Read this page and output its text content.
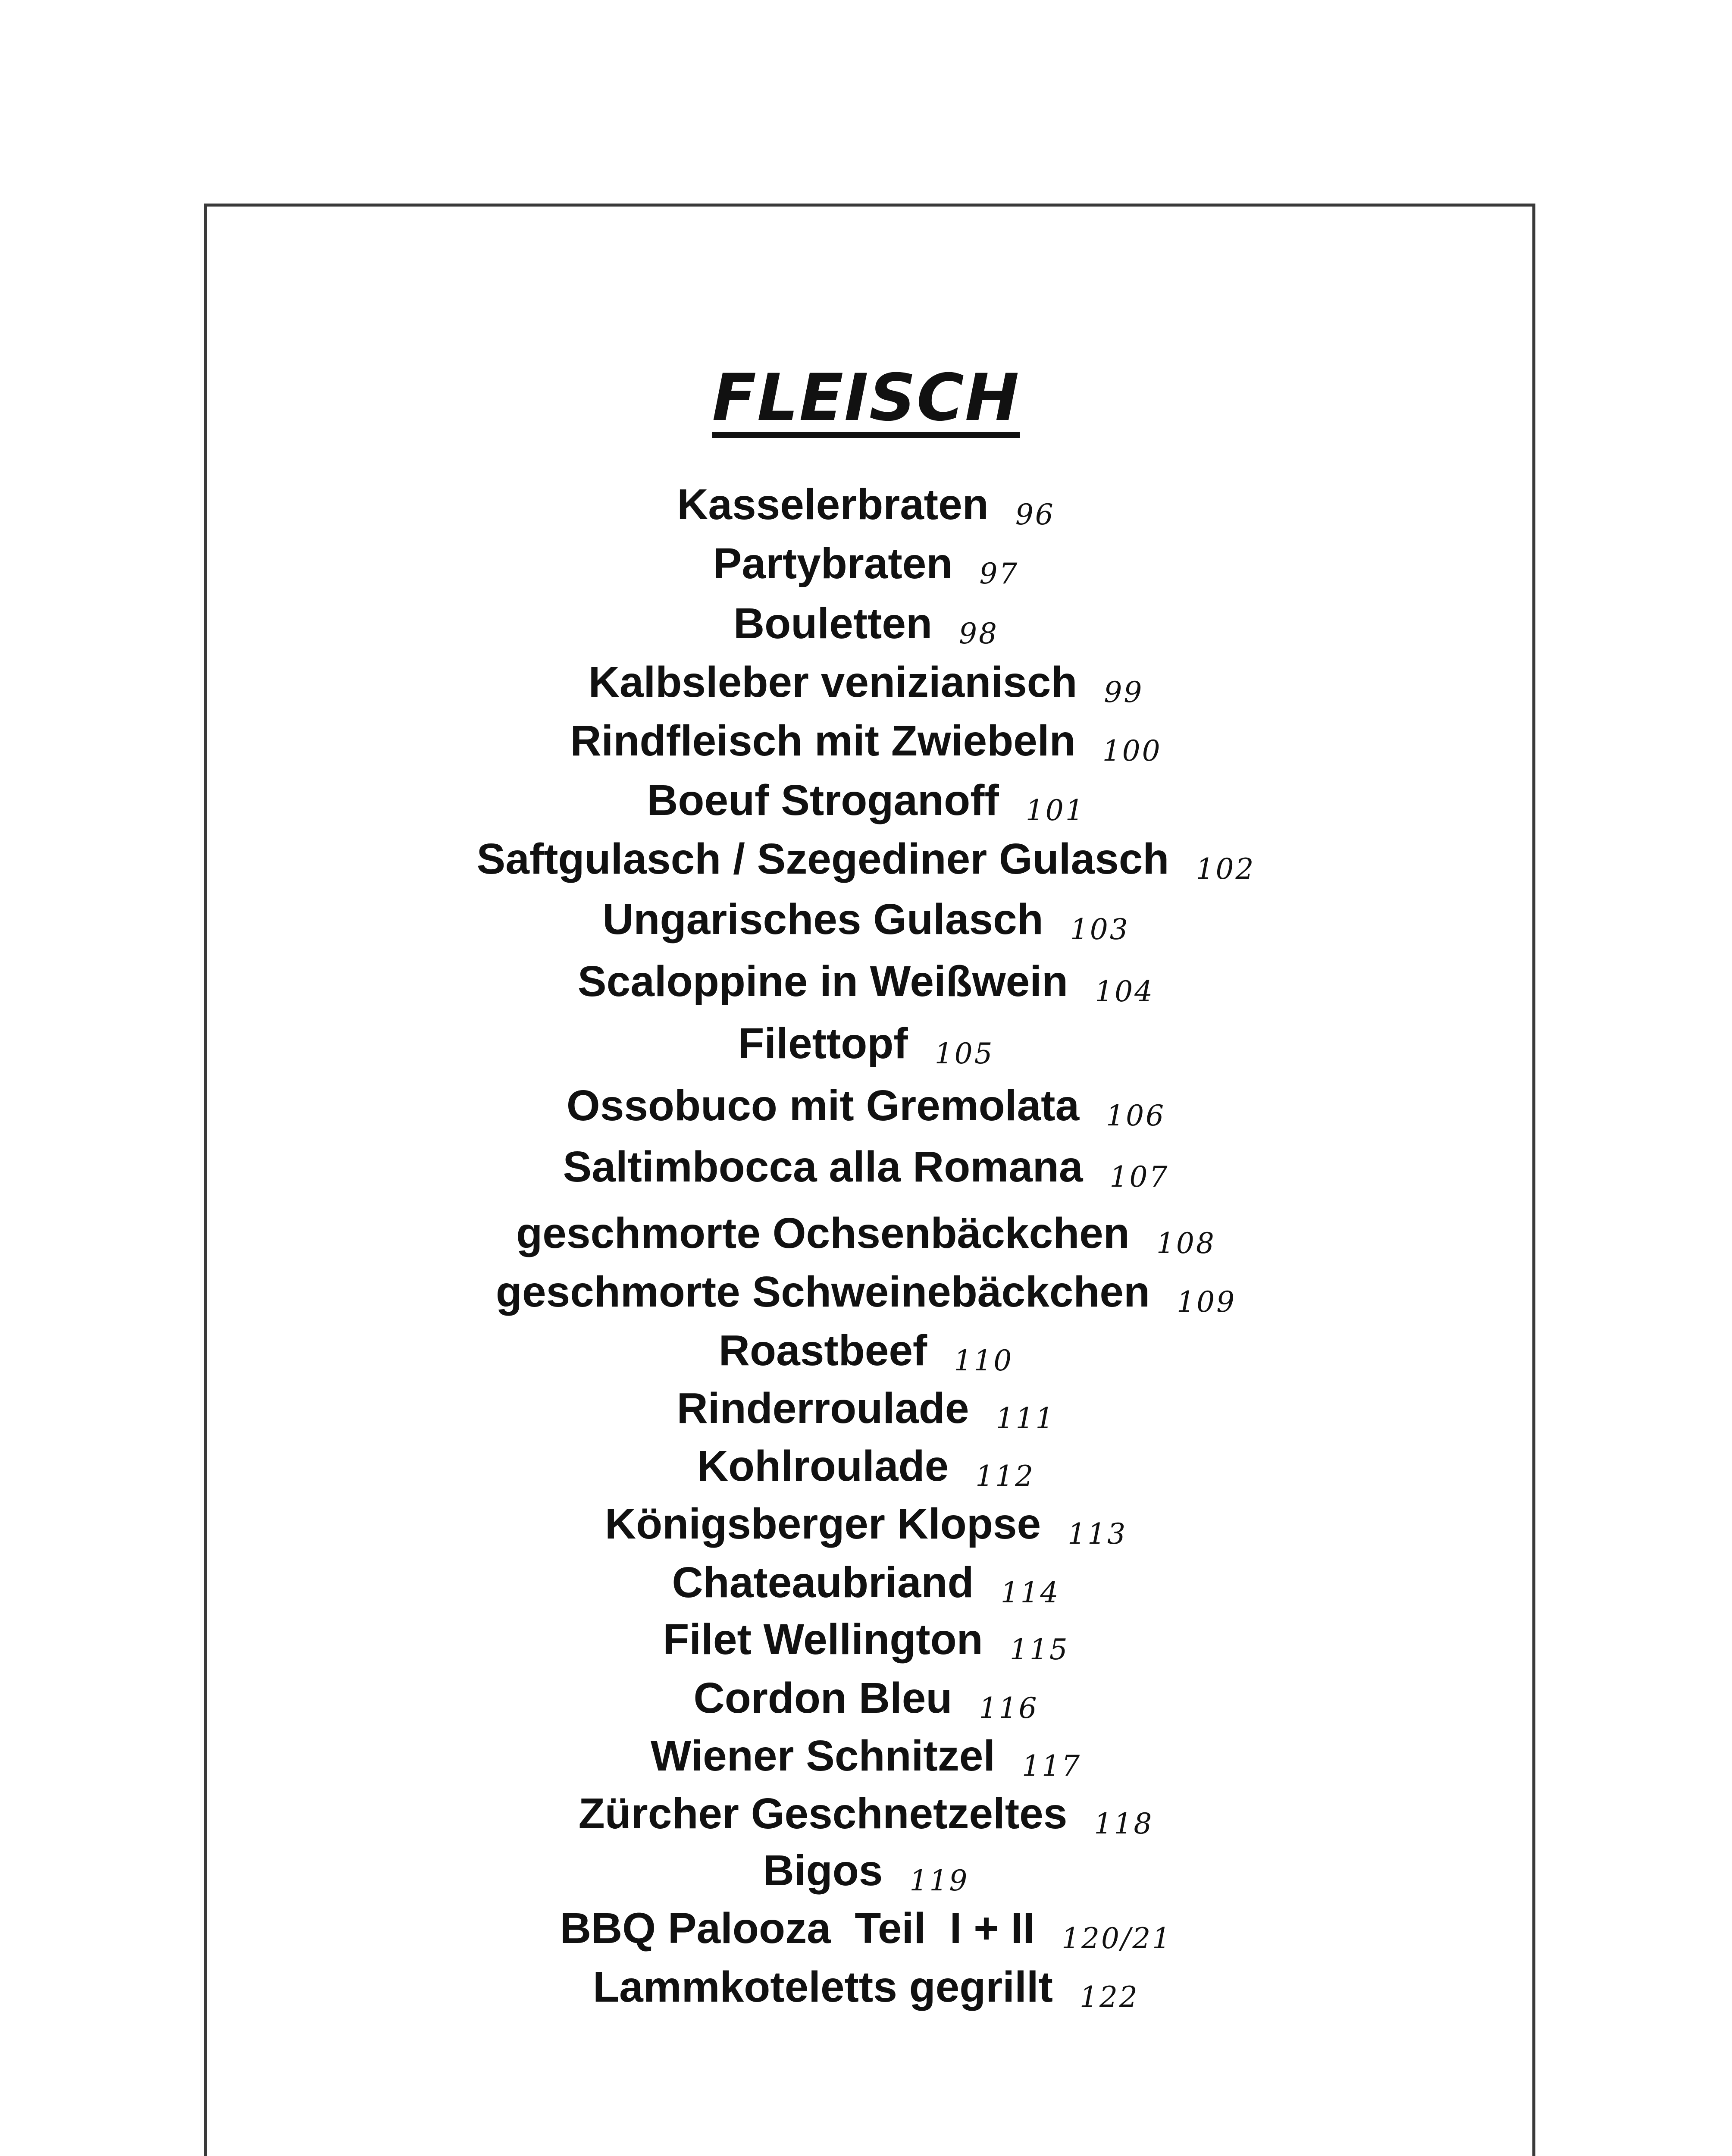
FLEISCH
Kasselerbraten 96
Partybraten 97
Bouletten 98
Kalbsleber venizianisch 99
Rindfleisch mit Zwiebeln 100
Boeuf Stroganoff 101
Saftgulasch / Szegediner Gulasch 102
Ungarisches Gulasch 103
Scaloppine in Weißwein 104
Filettopf 105
Ossobuco mit Gremolata 106
Saltimbocca alla Romana 107
geschmorte Ochsenbäckchen 108
geschmorte Schweinebäckchen 109
Roastbeef 110
Rinderroulade 111
Kohlroulade 112
Königsberger Klopse 113
Chateaubriand 114
Filet Wellington 115
Cordon Bleu 116
Wiener Schnitzel 117
Zürcher Geschnetzeltes 118
Bigos 119
BBQ Palooza  Teil  I + II 120/21
Lammkoteletts gegrillt 122
